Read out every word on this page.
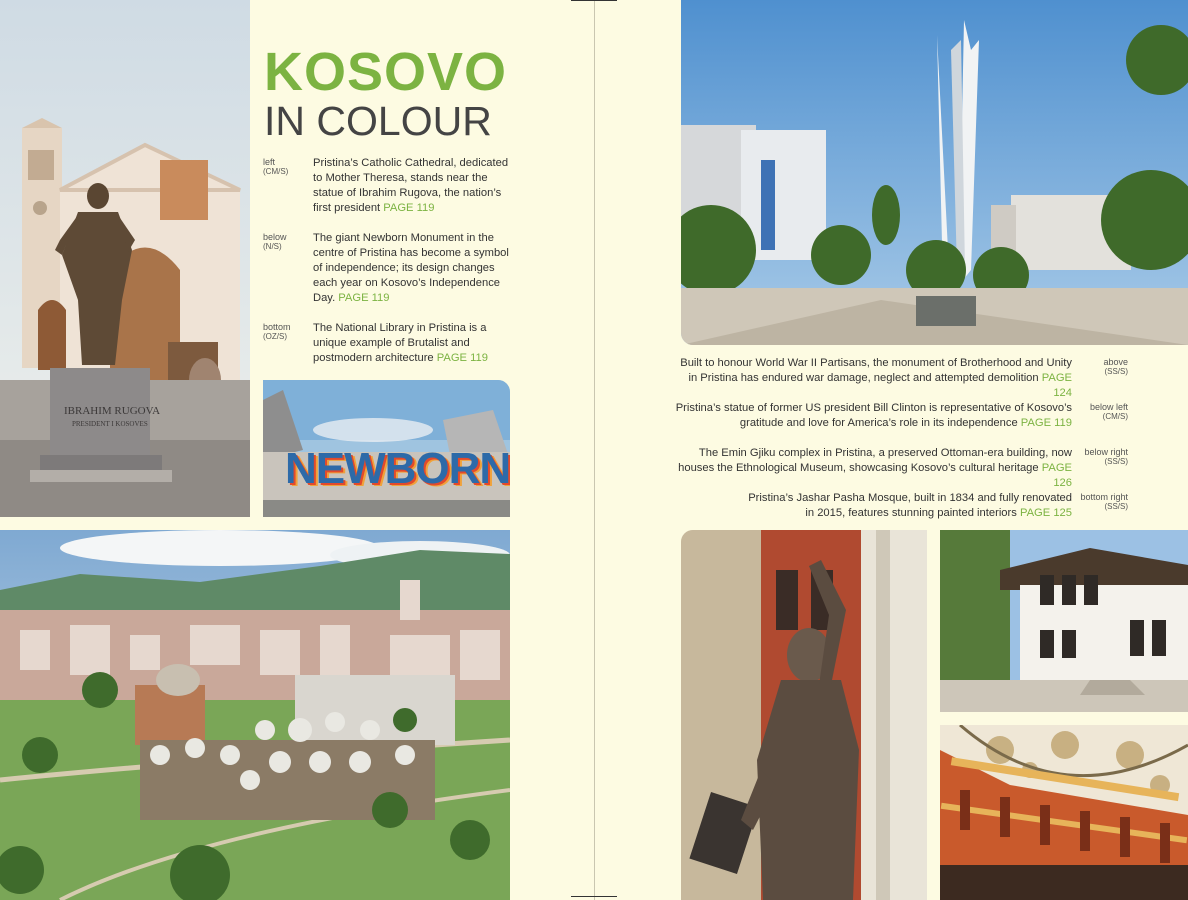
IBRAHIM RUGOVA
PRESIDENT I KOSOVES
KOSOVO
IN COLOUR
left
(CM/S)
Pristina’s Catholic Cathedral, dedicated to Mother Theresa, stands near the statue of Ibrahim Rugova, the nation’s first president PAGE 119
below
(N/S)
The giant Newborn Monument in the centre of Pristina has become a symbol of independence; its design changes each year on Kosovo’s Independence Day. PAGE 119
bottom
(OZ/S)
The National Library in Pristina is a unique example of Brutalist and postmodern architecture PAGE 119
NEWBORN
Built to honour World War II Partisans, the monument of Brotherhood and Unity in Pristina has endured war damage, neglect and attempted demolition PAGE 124
above
(SS/S)
Pristina’s statue of former US president Bill Clinton is representative of Kosovo’s gratitude and love for America’s role in its independence PAGE 119
below left
(CM/S)
The Emin Gjiku complex in Pristina, a preserved Ottoman-era building, now houses the Ethnological Museum, showcasing Kosovo’s cultural heritage PAGE 126
below right
(SS/S)
Pristina’s Jashar Pasha Mosque, built in 1834 and fully renovated in 2015, features stunning painted interiors PAGE 125
bottom right
(SS/S)
